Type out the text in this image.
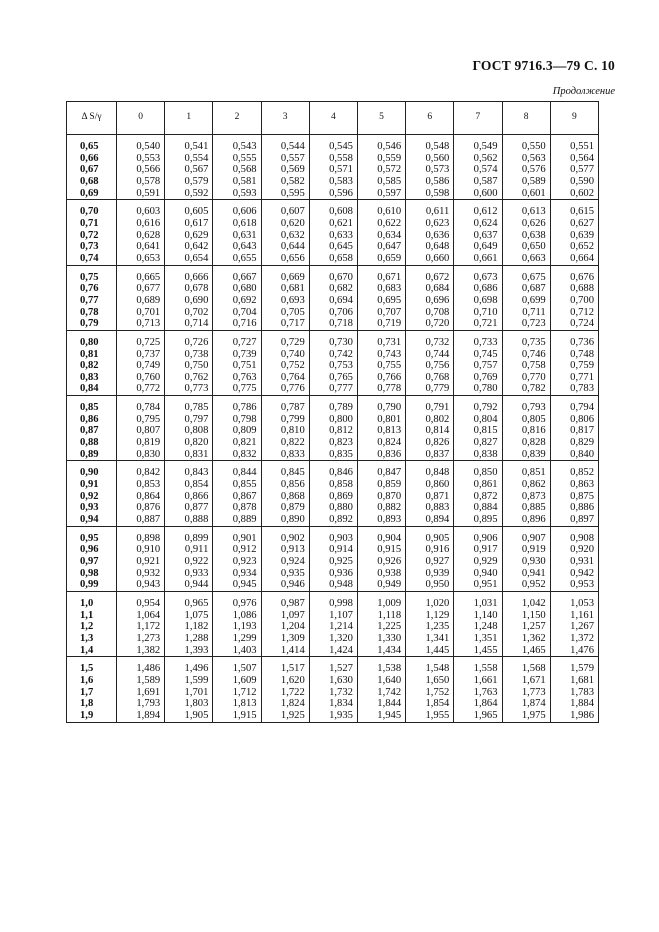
ГОСТ 9716.3—79 С. 10
Продолжение
Δ S/γ	0	1	2	3	4	5	6	7	8	9

0,65	0,540	0,541	0,543	0,544	0,545	0,546	0,548	0,549	0,550	0,551
0,66	0,553	0,554	0,555	0,557	0,558	0,559	0,560	0,562	0,563	0,564
0,67	0,566	0,567	0,568	0,569	0,571	0,572	0,573	0,574	0,576	0,577
0,68	0,578	0,579	0,581	0,582	0,583	0,585	0,586	0,587	0,589	0,590
0,69	0,591	0,592	0,593	0,595	0,596	0,597	0,598	0,600	0,601	0,602

0,70	0,603	0,605	0,606	0,607	0,608	0,610	0,611	0,612	0,613	0,615
0,71	0,616	0,617	0,618	0,620	0,621	0,622	0,623	0,624	0,626	0,627
0,72	0,628	0,629	0,631	0,632	0,633	0,634	0,636	0,637	0,638	0,639
0,73	0,641	0,642	0,643	0,644	0,645	0,647	0,648	0,649	0,650	0,652
0,74	0,653	0,654	0,655	0,656	0,658	0,659	0,660	0,661	0,663	0,664

0,75	0,665	0,666	0,667	0,669	0,670	0,671	0,672	0,673	0,675	0,676
0,76	0,677	0,678	0,680	0,681	0,682	0,683	0,684	0,686	0,687	0,688
0,77	0,689	0,690	0,692	0,693	0,694	0,695	0,696	0,698	0,699	0,700
0,78	0,701	0,702	0,704	0,705	0,706	0,707	0,708	0,710	0,711	0,712
0,79	0,713	0,714	0,716	0,717	0,718	0,719	0,720	0,721	0,723	0,724

0,80	0,725	0,726	0,727	0,729	0,730	0,731	0,732	0,733	0,735	0,736
0,81	0,737	0,738	0,739	0,740	0,742	0,743	0,744	0,745	0,746	0,748
0,82	0,749	0,750	0,751	0,752	0,753	0,755	0,756	0,757	0,758	0,759
0,83	0,760	0,762	0,763	0,764	0,765	0,766	0,768	0,769	0,770	0,771
0,84	0,772	0,773	0,775	0,776	0,777	0,778	0,779	0,780	0,782	0,783

0,85	0,784	0,785	0,786	0,787	0,789	0,790	0,791	0,792	0,793	0,794
0,86	0,795	0,797	0,798	0,799	0,800	0,801	0,802	0,804	0,805	0,806
0,87	0,807	0,808	0,809	0,810	0,812	0,813	0,814	0,815	0,816	0,817
0,88	0,819	0,820	0,821	0,822	0,823	0,824	0,826	0,827	0,828	0,829
0,89	0,830	0,831	0,832	0,833	0,835	0,836	0,837	0,838	0,839	0,840

0,90	0,842	0,843	0,844	0,845	0,846	0,847	0,848	0,850	0,851	0,852
0,91	0,853	0,854	0,855	0,856	0,858	0,859	0,860	0,861	0,862	0,863
0,92	0,864	0,866	0,867	0,868	0,869	0,870	0,871	0,872	0,873	0,875
0,93	0,876	0,877	0,878	0,879	0,880	0,882	0,883	0,884	0,885	0,886
0,94	0,887	0,888	0,889	0,890	0,892	0,893	0,894	0,895	0,896	0,897

0,95	0,898	0,899	0,901	0,902	0,903	0,904	0,905	0,906	0,907	0,908
0,96	0,910	0,911	0,912	0,913	0,914	0,915	0,916	0,917	0,919	0,920
0,97	0,921	0,922	0,923	0,924	0,925	0,926	0,927	0,929	0,930	0,931
0,98	0,932	0,933	0,934	0,935	0,936	0,938	0,939	0,940	0,941	0,942
0,99	0,943	0,944	0,945	0,946	0,948	0,949	0,950	0,951	0,952	0,953

1,0	0,954	0,965	0,976	0,987	0,998	1,009	1,020	1,031	1,042	1,053
1,1	1,064	1,075	1,086	1,097	1,107	1,118	1,129	1,140	1,150	1,161
1,2	1,172	1,182	1,193	1,204	1,214	1,225	1,235	1,248	1,257	1,267
1,3	1,273	1,288	1,299	1,309	1,320	1,330	1,341	1,351	1,362	1,372
1,4	1,382	1,393	1,403	1,414	1,424	1,434	1,445	1,455	1,465	1,476

1,5	1,486	1,496	1,507	1,517	1,527	1,538	1,548	1,558	1,568	1,579
1,6	1,589	1,599	1,609	1,620	1,630	1,640	1,650	1,661	1,671	1,681
1,7	1,691	1,701	1,712	1,722	1,732	1,742	1,752	1,763	1,773	1,783
1,8	1,793	1,803	1,813	1,824	1,834	1,844	1,854	1,864	1,874	1,884
1,9	1,894	1,905	1,915	1,925	1,935	1,945	1,955	1,965	1,975	1,986
